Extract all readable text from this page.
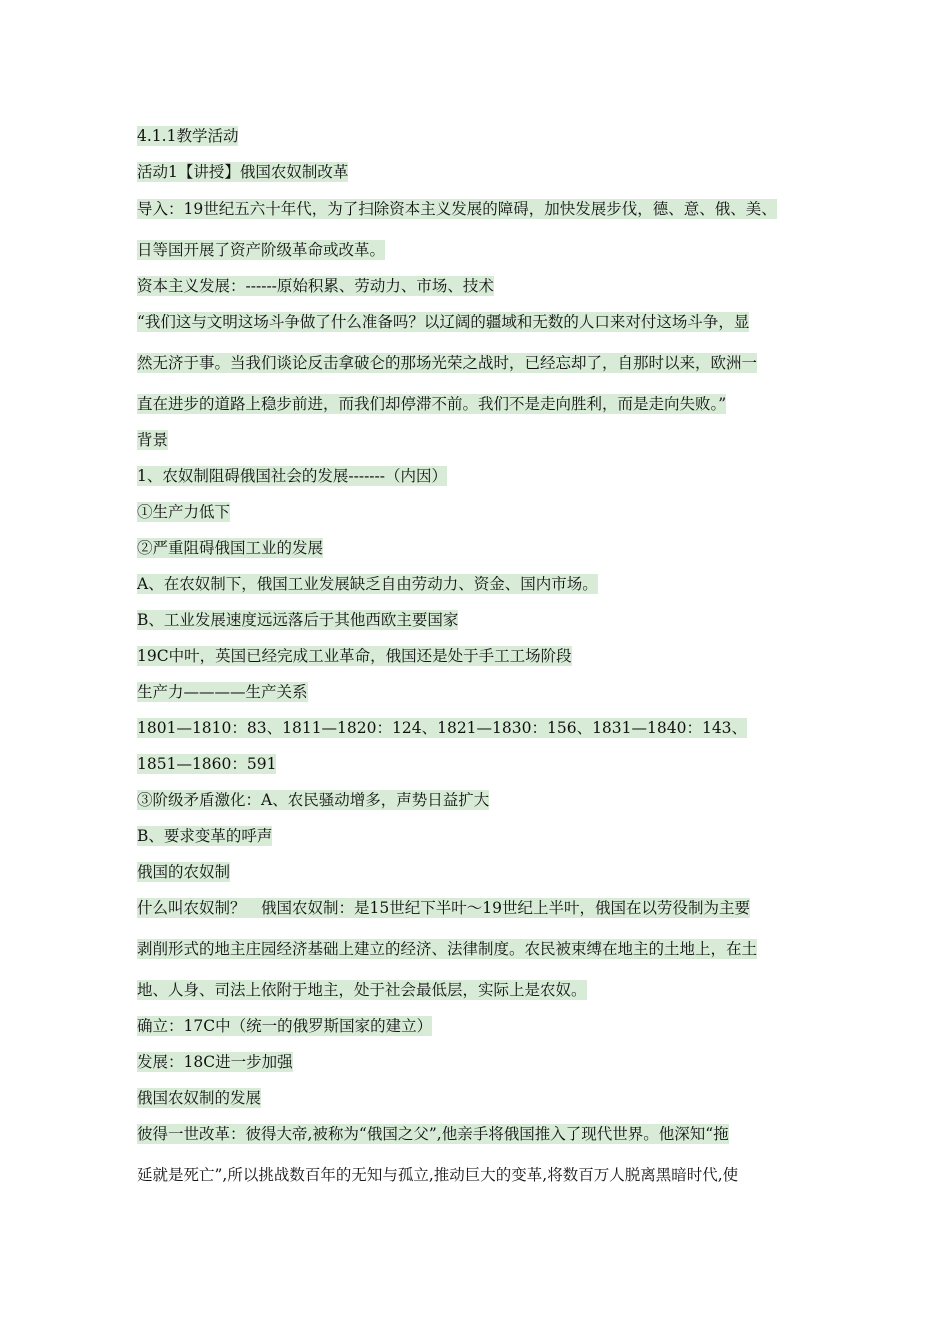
4.1.1教学活动
活动1【讲授】俄国农奴制改革
导入：19世纪五六十年代，为了扫除资本主义发展的障碍，加快发展步伐，德、意、俄、美、
日等国开展了资产阶级革命或改革。
资本主义发展：------原始积累、劳动力、市场、技术
“我们这与文明这场斗争做了什么准备吗？以辽阔的疆域和无数的人口来对付这场斗争，显
然无济于事。当我们谈论反击拿破仑的那场光荣之战时，已经忘却了，自那时以来，欧洲一
直在进步的道路上稳步前进，而我们却停滞不前。我们不是走向胜利，而是走向失败。”
背景
1、农奴制阻碍俄国社会的发展-------（内因）
①生产力低下
②严重阻碍俄国工业的发展
A、在农奴制下，俄国工业发展缺乏自由劳动力、资金、国内市场。
B、工业发展速度远远落后于其他西欧主要国家
19C中叶，英国已经完成工业革命，俄国还是处于手工工场阶段
生产力————生产关系
1801—1810：83、1811—1820：124、1821—1830：156、1831—1840：143、
1851—1860：591
③阶级矛盾激化：A、农民骚动增多，声势日益扩大
B、要求变革的呼声
俄国的农奴制
什么叫农奴制？　俄国农奴制：是15世纪下半叶～19世纪上半叶，俄国在以劳役制为主要
剥削形式的地主庄园经济基础上建立的经济、法律制度。农民被束缚在地主的土地上，在土
地、人身、司法上依附于地主，处于社会最低层，实际上是农奴。
确立：17C中（统一的俄罗斯国家的建立）
发展：18C进一步加强
俄国农奴制的发展
彼得一世改革：彼得大帝,被称为“俄国之父”,他亲手将俄国推入了现代世界。他深知“拖
延就是死亡”,所以挑战数百年的无知与孤立,推动巨大的变革,将数百万人脱离黑暗时代,使
